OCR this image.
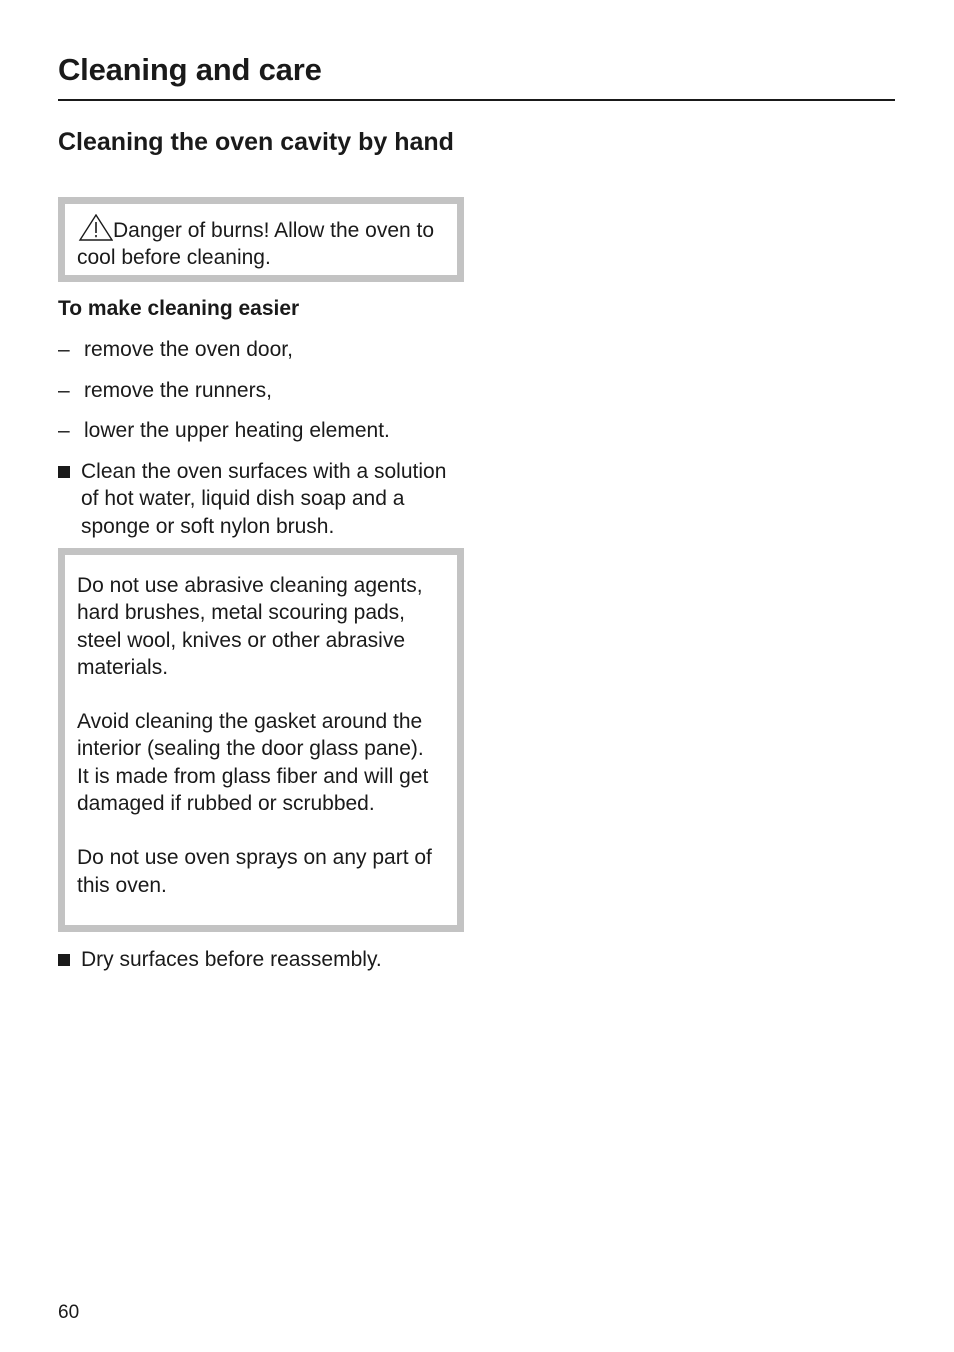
Cleaning and care
Cleaning the oven cavity by hand
Danger of burns! Allow the oven to cool before cleaning.
To make cleaning easier
– remove the oven door,
– remove the runners,
– lower the upper heating element.
Clean the oven surfaces with a solution of hot water, liquid dish soap and a sponge or soft nylon brush.

Do not use abrasive cleaning agents, hard brushes, metal scouring pads, steel wool, knives or other abrasive materials.

Avoid cleaning the gasket around the interior (sealing the door glass pane).
It is made from glass fiber and will get damaged if rubbed or scrubbed.

Do not use oven sprays on any part of this oven.

Dry surfaces before reassembly.
60
